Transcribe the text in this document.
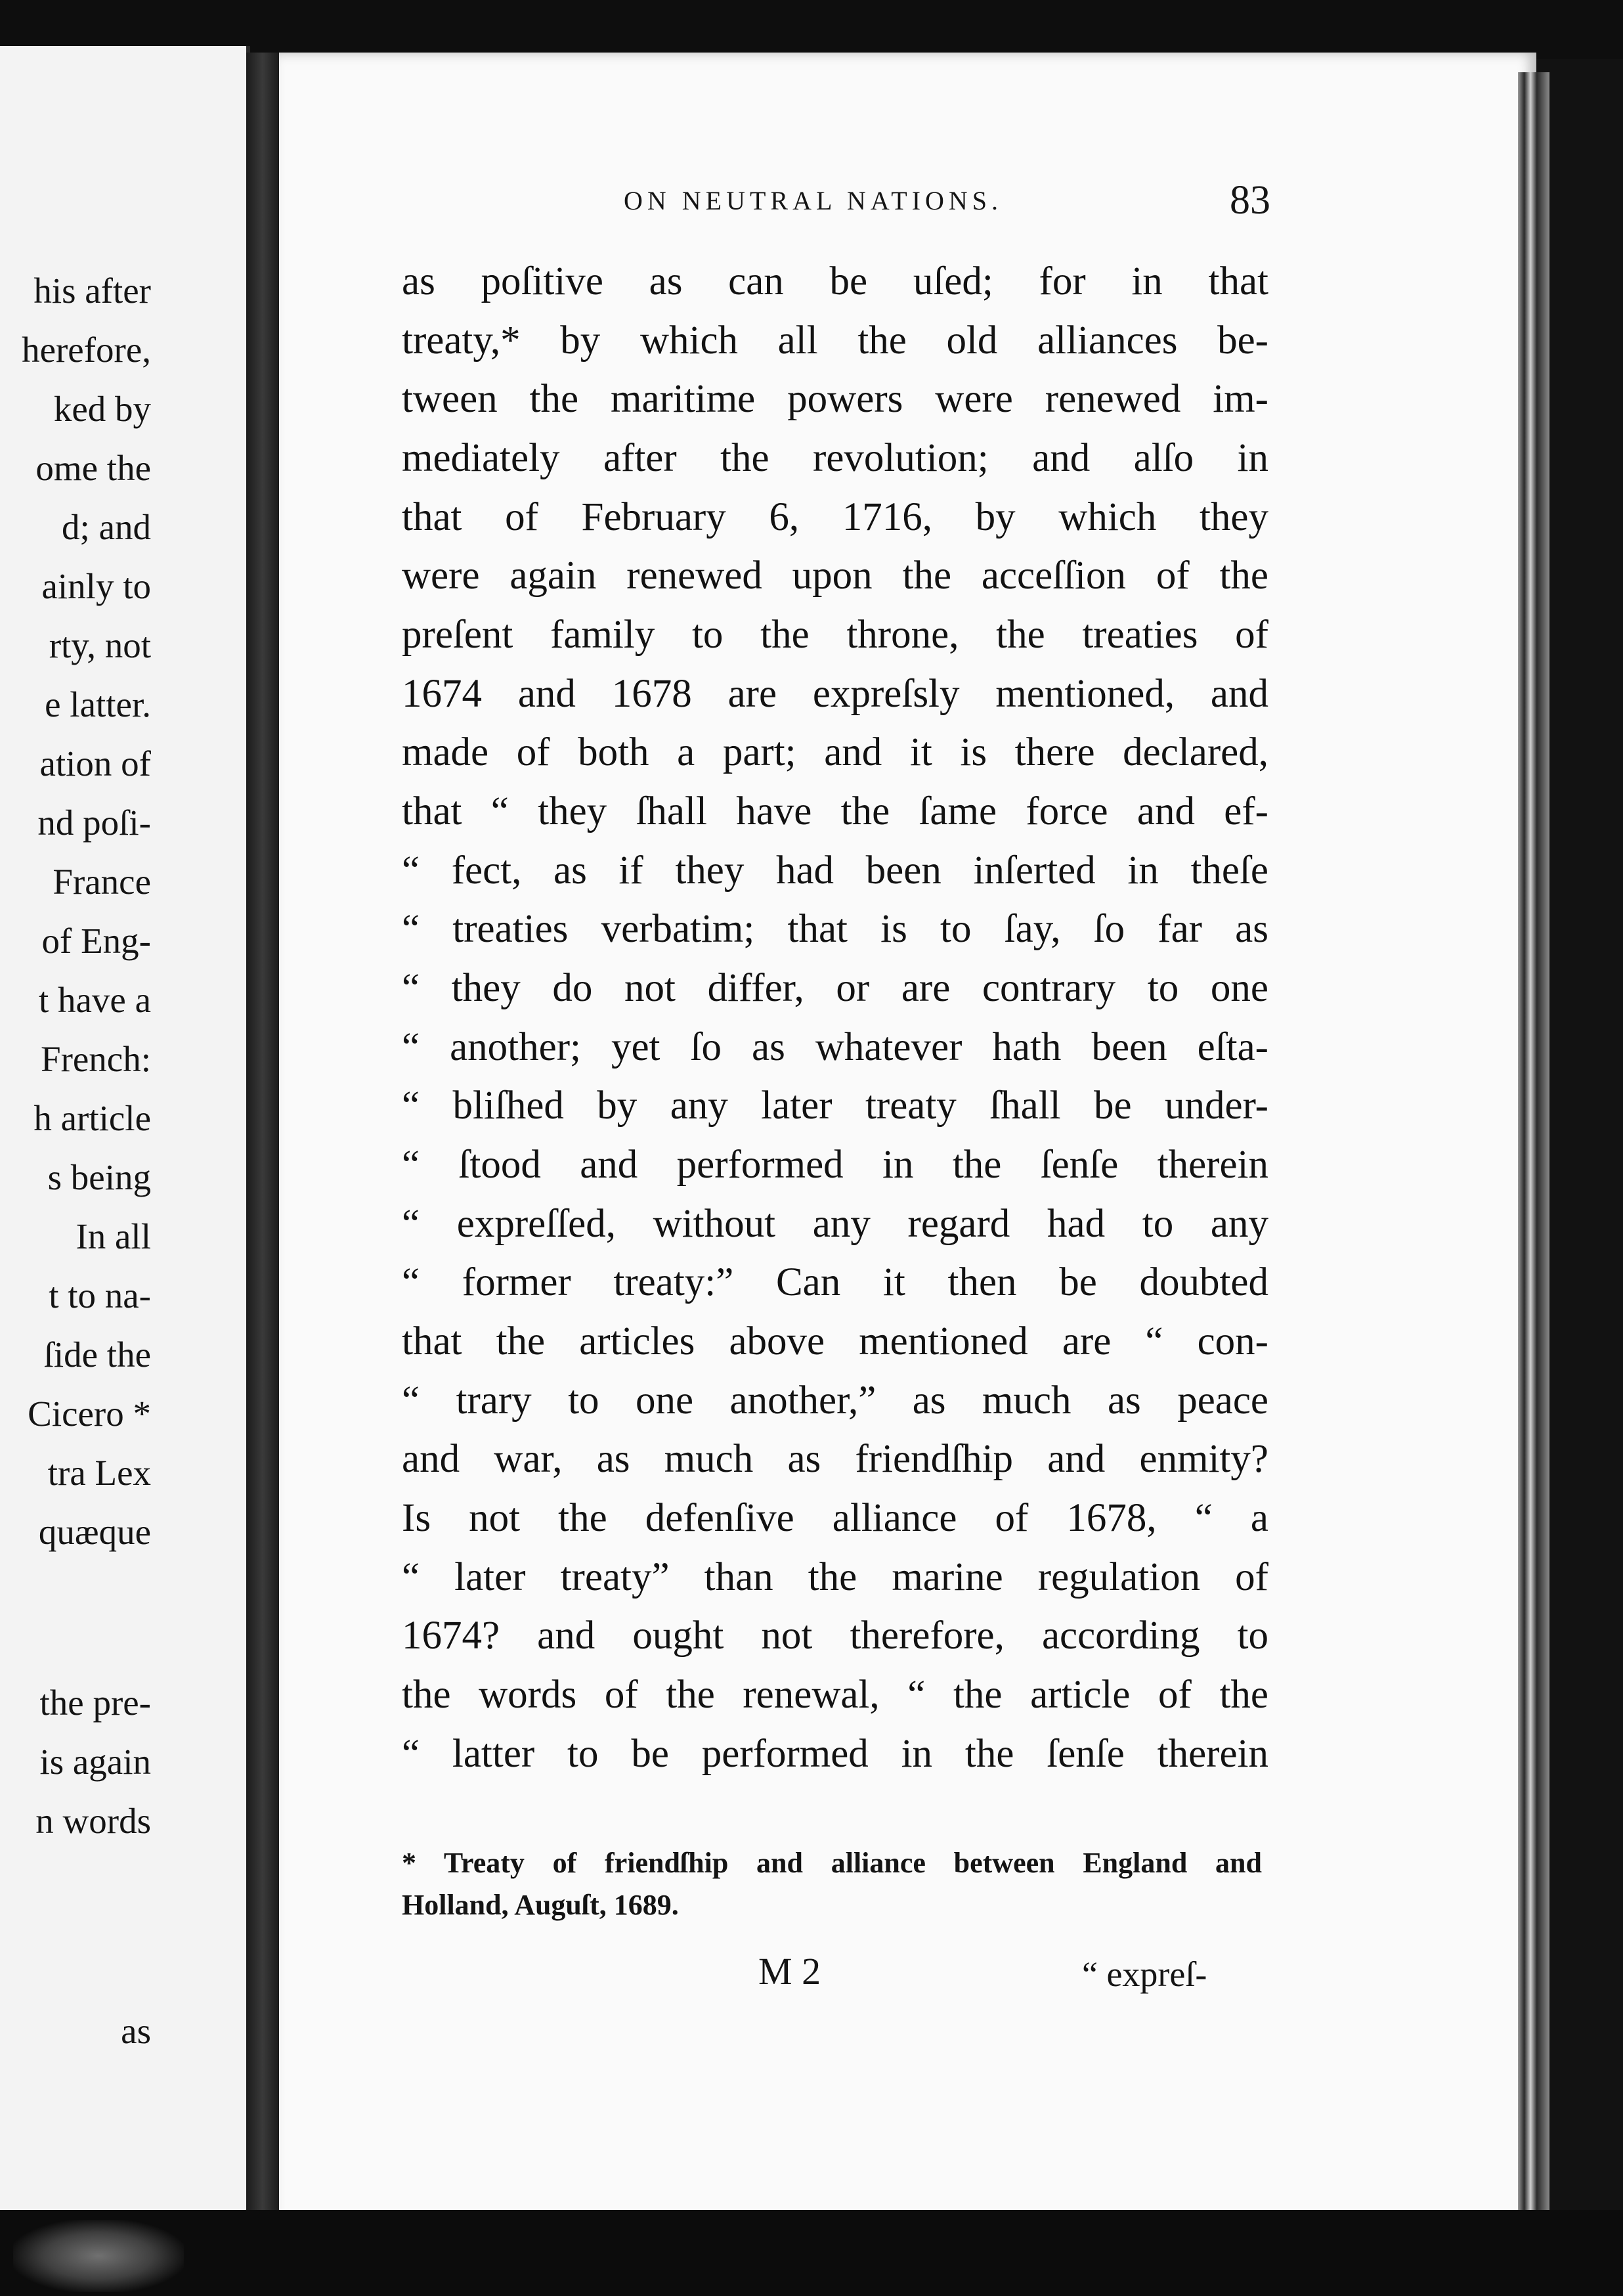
his after
herefore,
ked by
ome the
d; and
ainly to
rty, not
e latter.
ation of
nd poſi-
France
of Eng-
t have a
French:
h article
s being
In all
t to na-
ſide the
Cicero *
tra Lex
quæque
the pre-
is again
n words
as
ON NEUTRAL NATIONS.	83
as poſitive as can be uſed; for in that
treaty,* by which all the old alliances be-
tween the maritime powers were renewed im-
mediately after the revolution; and alſo in
that of February 6, 1716, by which they
were again renewed upon the acceſſion of the
preſent family to the throne, the treaties of
1674 and 1678 are expreſsly mentioned, and
made of both a part; and it is there declared,
that “ they ſhall have the ſame force and ef-
“ fect, as if they had been inſerted in theſe
“ treaties verbatim; that is to ſay, ſo far as
“ they do not differ, or are contrary to one
“ another; yet ſo as whatever hath been eſta-
“ bliſhed by any later treaty ſhall be under-
“ ſtood and performed in the ſenſe therein
“ expreſſed, without any regard had to any
“ former treaty:” Can it then be doubted
that the articles above mentioned are “ con-
“ trary to one another,” as much as peace
and war, as much as friendſhip and enmity?
Is not the defenſive alliance of 1678, “ a
“ later treaty” than the marine regulation of
1674? and ought not therefore, according to
the words of the renewal, “ the article of the
“ latter to be performed in the ſenſe therein
* Treaty of friendſhip and alliance between England and
Holland, Auguſt, 1689.
M 2	“ expreſ-
